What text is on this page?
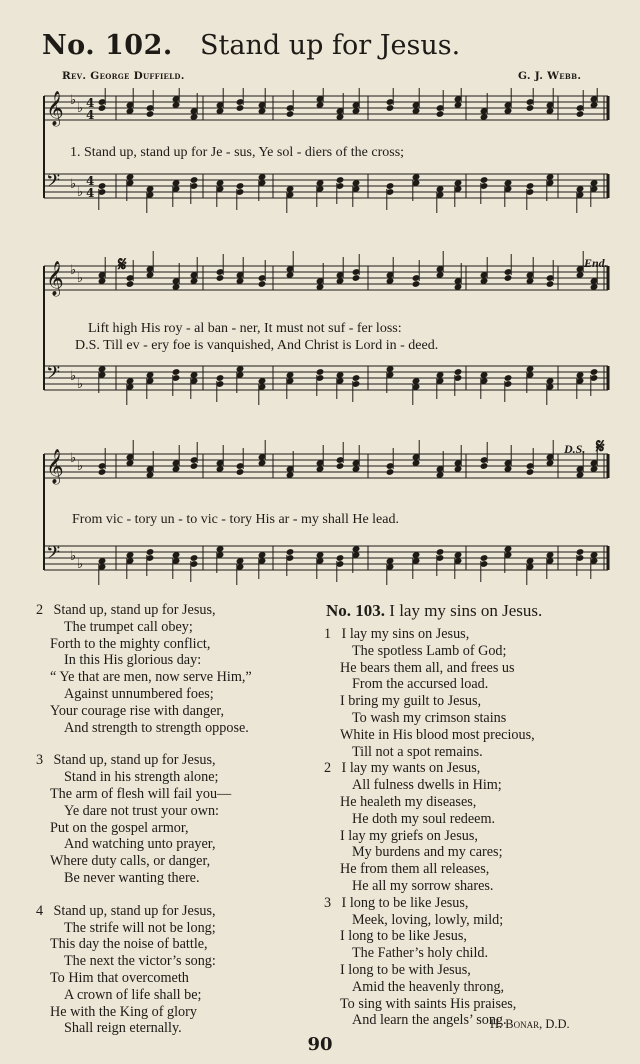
No. 102. Stand up for Jesus.
Rev. George Duffield.	G. J. Webb.
𝄞 ♭
♭ 4
4
𝄢 ♭
♭
4
4
1. Stand up, stand up for Je - sus, Ye sol - diers of the cross;
𝄞 ♭
♭
𝄢 ♭
♭
𝄋	End.
Lift high His roy - al ban - ner, It must not suf - fer loss:
D.S. Till ev - ery foe is vanquished, And Christ is Lord in - deed.
𝄞 ♭
♭
𝄢 ♭
♭
D.S. 𝄋
From vic - tory un - to vic - tory His ar - my shall He lead.
2 Stand up, stand up for Jesus,
The trumpet call obey;
Forth to the mighty conflict,
In this His glorious day:
“ Ye that are men, now serve Him,”
Against unnumbered foes;
Your courage rise with danger,
And strength to strength oppose.
3 Stand up, stand up for Jesus,
Stand in his strength alone;
The arm of flesh will fail you—
Ye dare not trust your own:
Put on the gospel armor,
And watching unto prayer,
Where duty calls, or danger,
Be never wanting there.
4 Stand up, stand up for Jesus,
The strife will not be long;
This day the noise of battle,
The next the victor’s song:
To Him that overcometh
A crown of life shall be;
He with the King of glory
Shall reign eternally.
No. 103. I lay my sins on Jesus.
1 I lay my sins on Jesus,
The spotless Lamb of God;
He bears them all, and frees us
From the accursed load.
I bring my guilt to Jesus,
To wash my crimson stains
White in His blood most precious,
Till not a spot remains.
2 I lay my wants on Jesus,
All fulness dwells in Him;
He healeth my diseases,
He doth my soul redeem.
I lay my griefs on Jesus,
My burdens and my cares;
He from them all releases,
He all my sorrow shares.
3 I long to be like Jesus,
Meek, loving, lowly, mild;
I long to be like Jesus,
The Father’s holy child.
I long to be with Jesus,
Amid the heavenly throng,
To sing with saints His praises,
And learn the angels’ song.
H. Bonar, D.D.
90
